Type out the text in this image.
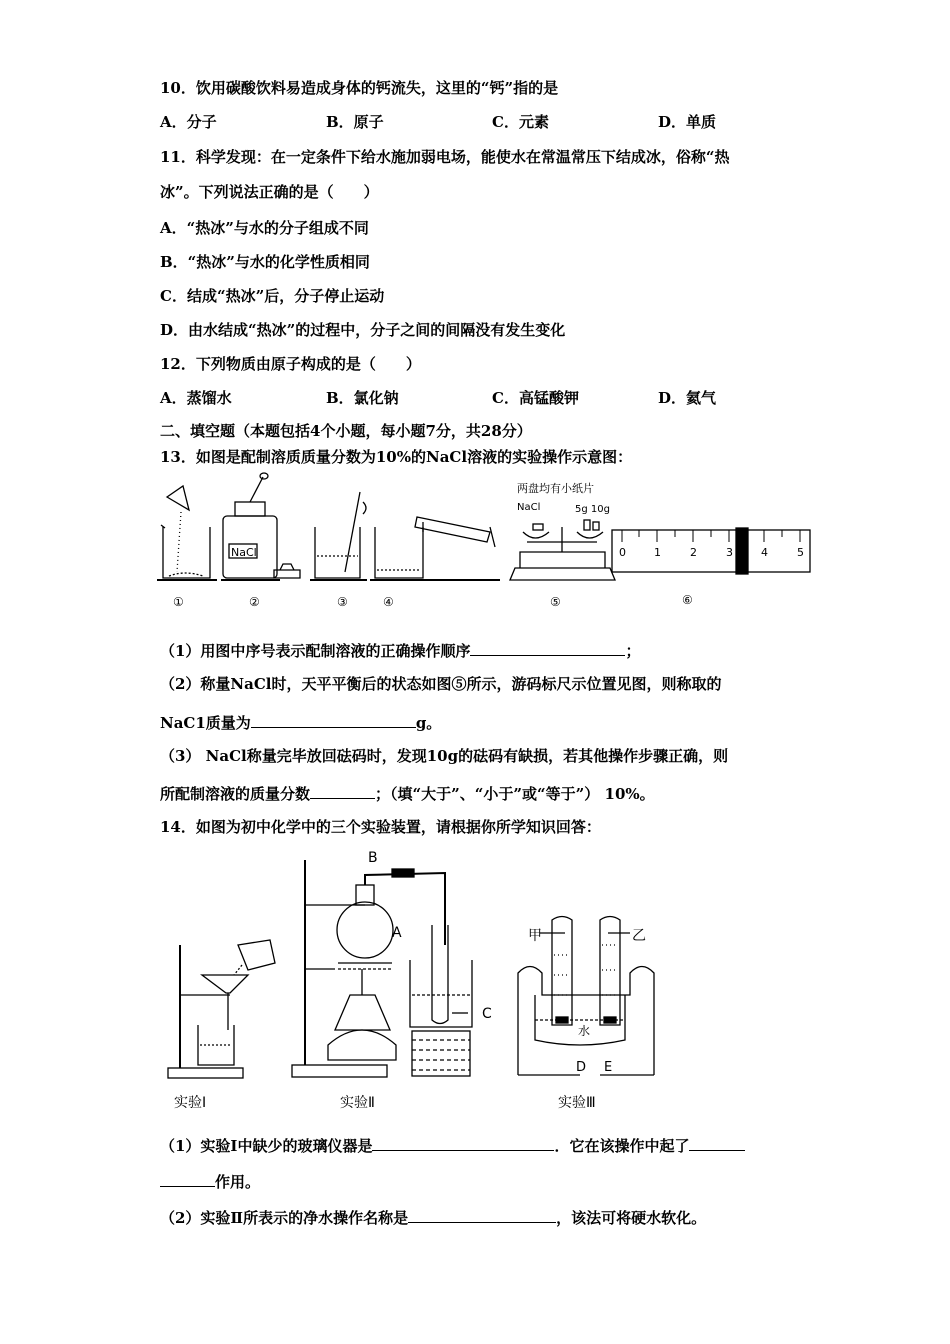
10．饮用碳酸饮料易造成身体的钙流失，这里的“钙”指的是
A．分子	B．原子	C．元素	D．单质
11．科学发现：在一定条件下给水施加弱电场，能使水在常温常压下结成冰，俗称“热
冰”。下列说法正确的是（　　）
A．“热冰”与水的分子组成不同
B．“热冰”与水的化学性质相同
C．结成“热冰”后，分子停止运动
D．由水结成“热冰”的过程中，分子之间的间隔没有发生变化
12．下列物质由原子构成的是（　　）
A．蒸馏水	B．氯化钠	C．高锰酸钾	D．氦气
二、填空题（本题包括4个小题，每小题7分，共28分）
13．如图是配制溶质质量分数为10%的NaCl溶液的实验操作示意图：
NaCl
两盘均有小纸片
NaCl	5g 10g
0	1	2	3	4	5
①	②	③	④	⑤	⑥
（1）用图中序号表示配制溶液的正确操作顺序	；
（2）称量NaCl时，天平平衡后的状态如图⑤所示，游码标尺示位置见图，则称取的
NaC1质量为	g。
（3） NaCl称量完毕放回砝码时，发现10g的砝码有缺损，若其他操作步骤正确，则
所配制溶液的质量分数	；（填“大于”、“小于”或“等于”） 10%。
14．如图为初中化学中的三个实验装置，请根据你所学知识回答：
B
A
C
甲	乙
水
D E
实验Ⅰ	实验Ⅱ	实验Ⅲ
（1）实验Ⅰ中缺少的玻璃仪器是	．它在该操作中起了
作用。
（2）实验Ⅱ所表示的净水操作名称是	，该法可将硬水软化。
